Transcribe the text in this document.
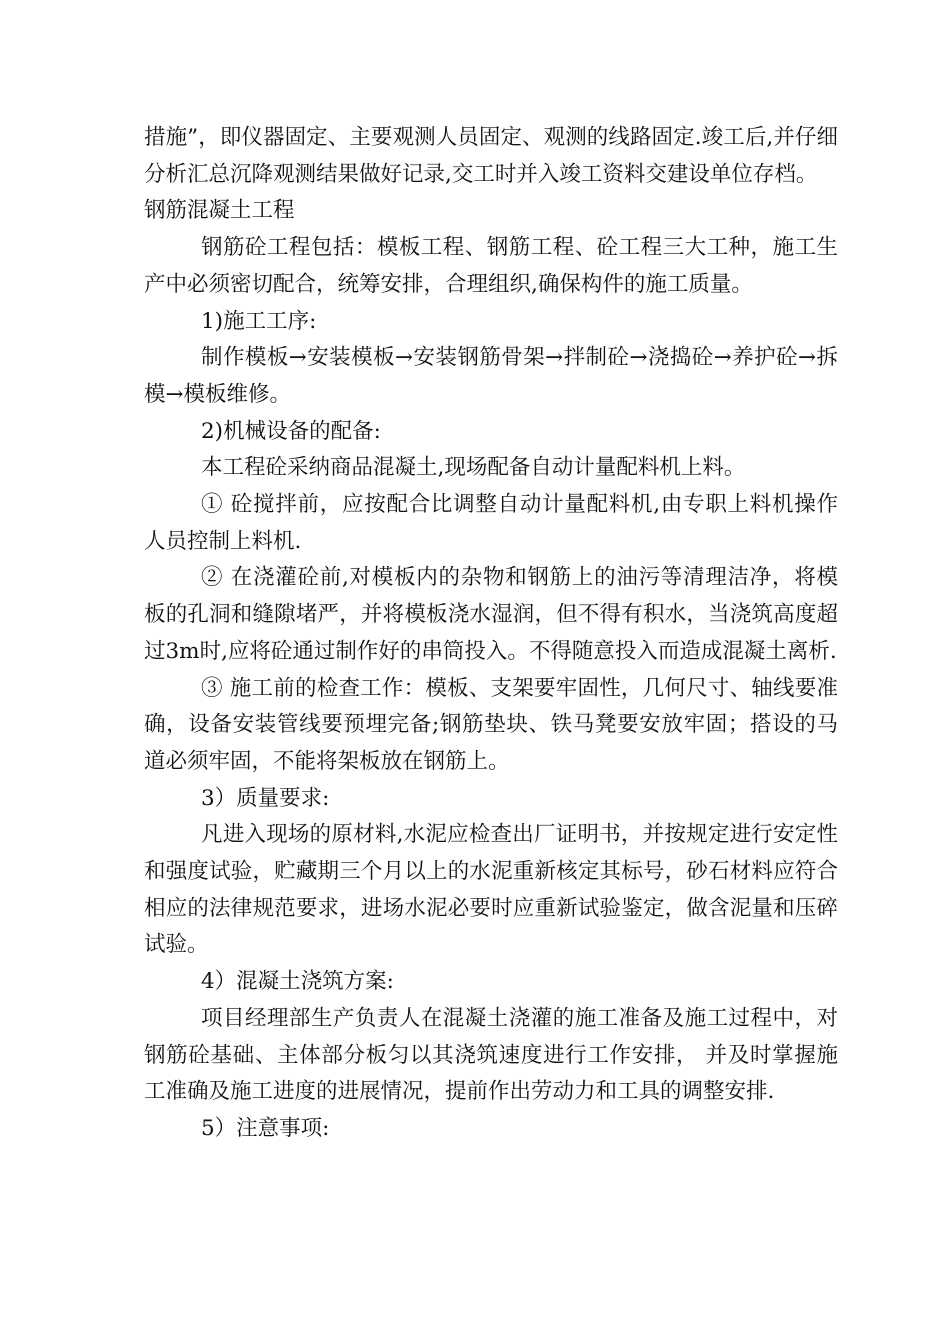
措施”，即仪器固定、主要观测人员固定、观测的线路固定.竣工后,并仔细分析汇总沉降观测结果做好记录,交工时并入竣工资料交建设单位存档。

钢筋混凝土工程

钢筋砼工程包括：模板工程、钢筋工程、砼工程三大工种，施工生产中必须密切配合，统筹安排，合理组织,确保构件的施工质量。

1)施工工序:

制作模板→安装模板→安装钢筋骨架→拌制砼→浇捣砼→养护砼→拆模→模板维修。

2)机械设备的配备:

本工程砼采纳商品混凝土,现场配备自动计量配料机上料。

① 砼搅拌前，应按配合比调整自动计量配料机,由专职上料机操作人员控制上料机.

② 在浇灌砼前,对模板内的杂物和钢筋上的油污等清理洁净，将模板的孔洞和缝隙堵严，并将模板浇水湿润，但不得有积水，当浇筑高度超过3m时,应将砼通过制作好的串筒投入。不得随意投入而造成混凝土离析.

③ 施工前的检查工作：模板、支架要牢固性，几何尺寸、轴线要准确，设备安装管线要预埋完备;钢筋垫块、铁马凳要安放牢固；搭设的马道必须牢固，不能将架板放在钢筋上。

3）质量要求:

凡进入现场的原材料,水泥应检查出厂证明书，并按规定进行安定性和强度试验，贮藏期三个月以上的水泥重新核定其标号，砂石材料应符合相应的法律规范要求，进场水泥必要时应重新试验鉴定，做含泥量和压碎试验。

4）混凝土浇筑方案:

项目经理部生产负责人在混凝土浇灌的施工准备及施工过程中，对钢筋砼基础、主体部分板匀以其浇筑速度进行工作安排， 并及时掌握施工准确及施工进度的进展情况，提前作出劳动力和工具的调整安排.

5）注意事项:
